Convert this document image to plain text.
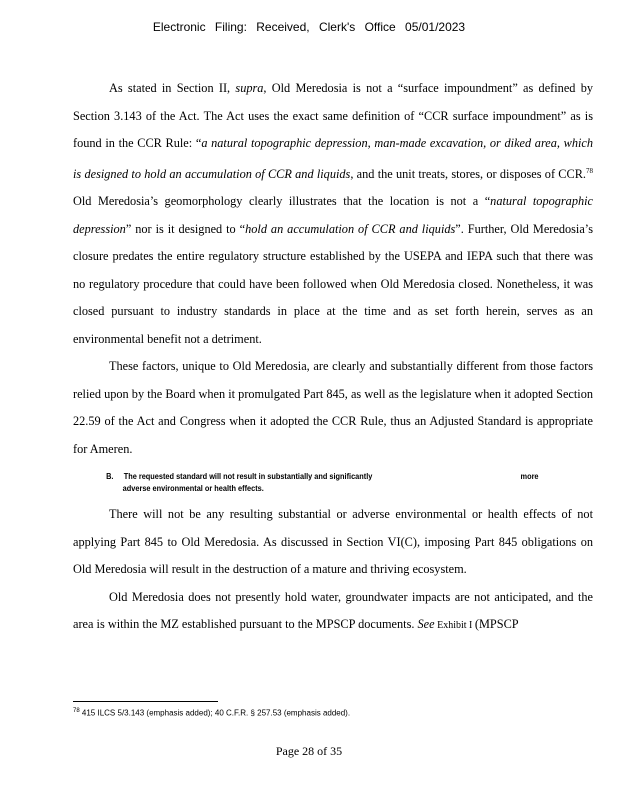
Electronic Filing: Received, Clerk's Office 05/01/2023

As stated in Section II, supra, Old Meredosia is not a “surface impoundment” as defined by Section 3.143 of the Act. The Act uses the exact same definition of “CCR surface impoundment” as is found in the CCR Rule: “a natural topographic depression, man-made excavation, or diked area, which is designed to hold an accumulation of CCR and liquids, and the unit treats, stores, or disposes of CCR.$^{78}$ Old Meredosia’s geomorphology clearly illustrates that the location is not a “natural topographic depression” nor is it designed to “hold an accumulation of CCR and liquids”. Further, Old Meredosia’s closure predates the entire regulatory structure established by the USEPA and IEPA such that there was no regulatory procedure that could have been followed when Old Meredosia closed. Nonetheless, it was closed pursuant to industry standards in place at the time and as set forth herein, serves as an environmental benefit not a detriment.

These factors, unique to Old Meredosia, are clearly and substantially different from those factors relied upon by the Board when it promulgated Part 845, as well as the legislature when it adopted Section 22.59 of the Act and Congress when it adopted the CCR Rule, thus an Adjusted Standard is appropriate for Ameren.

B. The requested standard will not result in substantially and significantly	more
adverse environmental or health effects.

There will not be any resulting substantial or adverse environmental or health effects of not applying Part 845 to Old Meredosia. As discussed in Section VI(C), imposing Part 845 obligations on Old Meredosia will result in the destruction of a mature and thriving ecosystem.

Old Meredosia does not presently hold water, groundwater impacts are not anticipated, and the area is within the MZ established pursuant to the MPSCP documents. See Exhibit I (MPSCP

$^{78}$ 415 ILCS 5/3.143 (emphasis added); 40 C.F.R. § 257.53 (emphasis added).
Page 28 of 35
